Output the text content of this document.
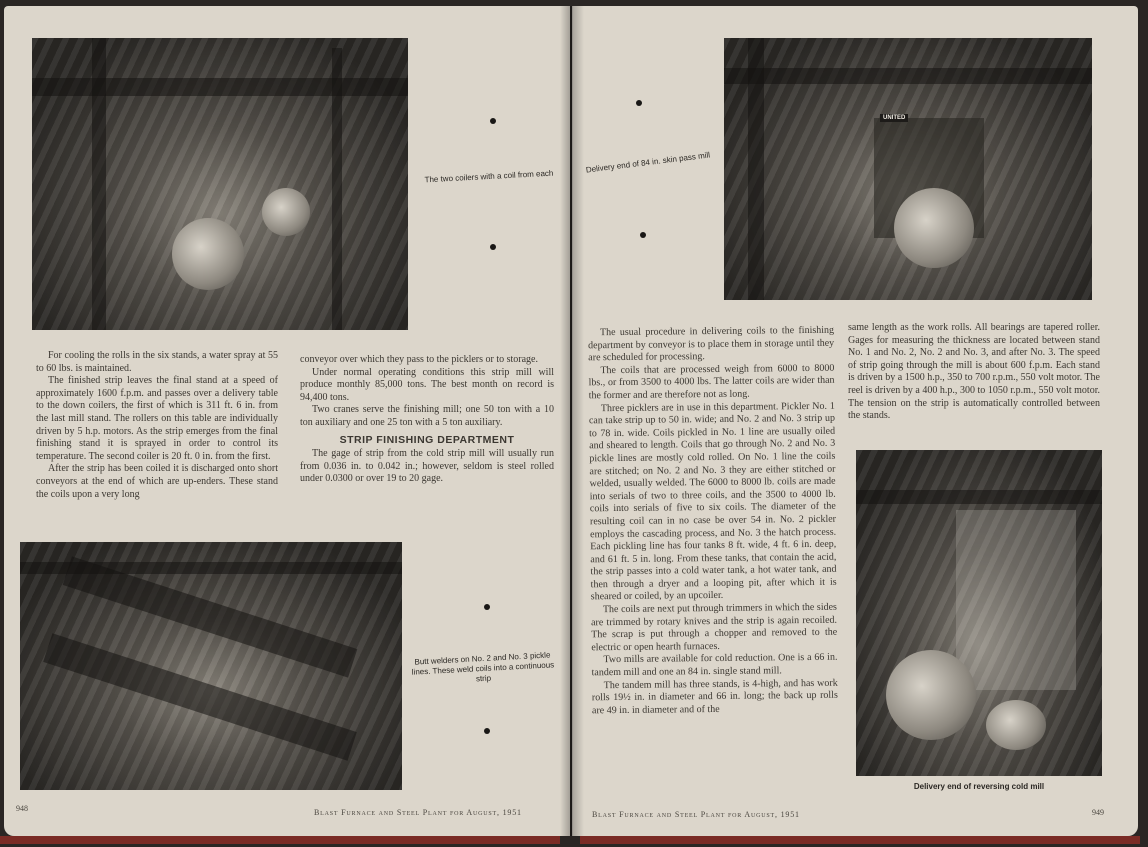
The two coilers with a coil from each

For cooling the rolls in the six stands, a water spray at 55 to 60 lbs. is maintained.

The finished strip leaves the final stand at a speed of approximately 1600 f.p.m. and passes over a delivery table to the down coilers, the first of which is 311 ft. 6 in. from the last mill stand. The rollers on this table are individually driven by 5 h.p. motors. As the strip emerges from the final finishing stand it is sprayed in order to control its temperature. The second coiler is 20 ft. 0 in. from the first.

After the strip has been coiled it is discharged onto short conveyors at the end of which are up-enders. These stand the coils upon a very long

conveyor over which they pass to the picklers or to storage.

Under normal operating conditions this strip mill will produce monthly 85,000 tons. The best month on record is 94,400 tons.

Two cranes serve the finishing mill; one 50 ton with a 10 ton auxiliary and one 25 ton with a 5 ton auxiliary.

STRIP FINISHING DEPARTMENT

The gage of strip from the cold strip mill will usually run from 0.036 in. to 0.042 in.; however, seldom is steel rolled under 0.0300 or over 19 to 20 gage.

Butt welders on No. 2 and No. 3 pickle lines. These weld coils into a continuous strip
948	Blast Furnace and Steel Plant for August, 1951
Delivery end of 84 in. skin pass mill
UNITED

The usual procedure in delivering coils to the finishing department by conveyor is to place them in storage until they are scheduled for processing.

The coils that are processed weigh from 6000 to 8000 lbs., or from 3500 to 4000 lbs. The latter coils are wider than the former and are therefore not as long.

Three picklers are in use in this department. Pickler No. 1 can take strip up to 50 in. wide; and No. 2 and No. 3 strip up to 78 in. wide. Coils pickled in No. 1 line are usually oiled and sheared to length. Coils that go through No. 2 and No. 3 pickle lines are mostly cold rolled. On No. 1 line the coils are stitched; on No. 2 and No. 3 they are either stitched or welded, usually welded. The 6000 to 8000 lb. coils are made into serials of two to three coils, and the 3500 to 4000 lb. coils into serials of five to six coils. The diameter of the resulting coil can in no case be over 54 in. No. 2 pickler employs the cascading process, and No. 3 the hatch process. Each pickling line has four tanks 8 ft. wide, 4 ft. 6 in. deep, and 61 ft. 5 in. long. From these tanks, that contain the acid, the strip passes into a cold water tank, a hot water tank, and then through a dryer and a looping pit, after which it is sheared or coiled, by an upcoiler.

The coils are next put through trimmers in which the sides are trimmed by rotary knives and the strip is again recoiled. The scrap is put through a chopper and removed to the electric or open hearth furnaces.

Two mills are available for cold reduction. One is a 66 in. tandem mill and one an 84 in. single stand mill.

The tandem mill has three stands, is 4-high, and has work rolls 19½ in. in diameter and 66 in. long; the back up rolls are 49 in. in diameter and of the

same length as the work rolls. All bearings are tapered roller. Gages for measuring the thickness are located between stand No. 1 and No. 2, No. 2 and No. 3, and after No. 3. The speed of strip going through the mill is about 600 f.p.m. Each stand is driven by a 1500 h.p., 350 to 700 r.p.m., 550 volt motor. The reel is driven by a 400 h.p., 300 to 1050 r.p.m., 550 volt motor. The tension on the strip is automatically controlled between the stands.

Delivery end of reversing cold mill
Blast Furnace and Steel Plant for August, 1951	949
